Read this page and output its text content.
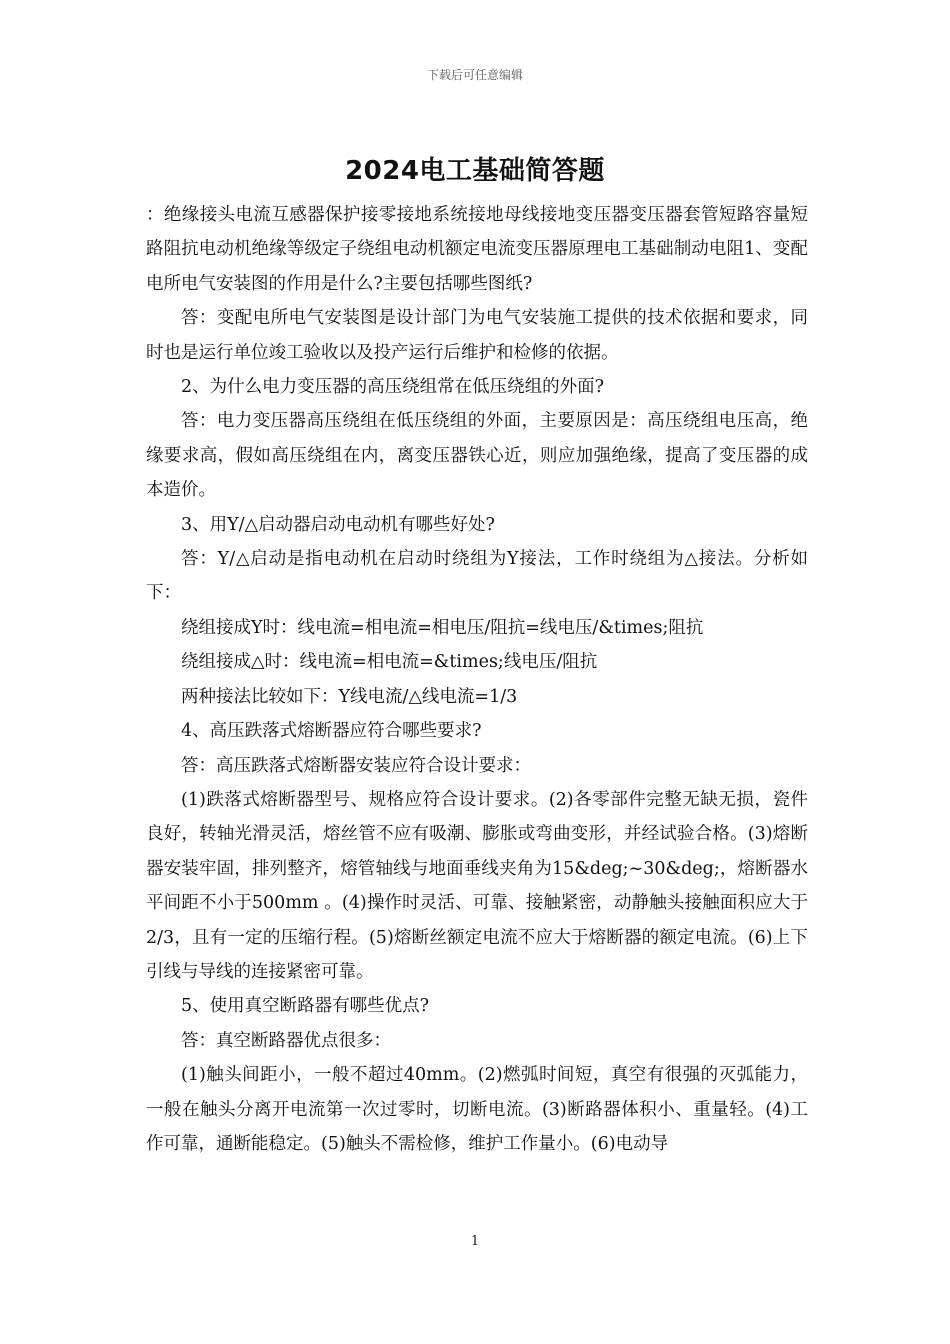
下载后可任意编辑
2024电工基础简答题

：绝缘接头电流互感器保护接零接地系统接地母线接地变压器变压器套管短路容量短路阻抗电动机绝缘等级定子绕组电动机额定电流变压器原理电工基础制动电阻1、变配电所电气安装图的作用是什么?主要包括哪些图纸?

答：变配电所电气安装图是设计部门为电气安装施工提供的技术依据和要求，同时也是运行单位竣工验收以及投产运行后维护和检修的依据。

2、为什么电力变压器的高压绕组常在低压绕组的外面?

答：电力变压器高压绕组在低压绕组的外面，主要原因是：高压绕组电压高，绝缘要求高，假如高压绕组在内，离变压器铁心近，则应加强绝缘，提高了变压器的成本造价。

3、用Y/△启动器启动电动机有哪些好处?

答：Y/△启动是指电动机在启动时绕组为Y接法，工作时绕组为△接法。分析如下：

绕组接成Y时：线电流=相电流=相电压/阻抗=线电压/&times;阻抗

绕组接成△时：线电流=相电流=&times;线电压/阻抗

两种接法比较如下：Y线电流/△线电流=1/3

4、高压跌落式熔断器应符合哪些要求?

答：高压跌落式熔断器安装应符合设计要求：

(1)跌落式熔断器型号、规格应符合设计要求。(2)各零部件完整无缺无损，瓷件良好，转轴光滑灵活，熔丝管不应有吸潮、膨胀或弯曲变形，并经试验合格。(3)熔断器安装牢固，排列整齐，熔管轴线与地面垂线夹角为15&deg;~30&deg;，熔断器水平间距不小于500mm 。(4)操作时灵活、可靠、接触紧密，动静触头接触面积应大于2/3，且有一定的压缩行程。(5)熔断丝额定电流不应大于熔断器的额定电流。(6)上下引线与导线的连接紧密可靠。

5、使用真空断路器有哪些优点?

答：真空断路器优点很多：

(1)触头间距小，一般不超过40mm。(2)燃弧时间短，真空有很强的灭弧能力，一般在触头分离开电流第一次过零时，切断电流。(3)断路器体积小、重量轻。(4)工作可靠，通断能稳定。(5)触头不需检修，维护工作量小。(6)电动导

1
